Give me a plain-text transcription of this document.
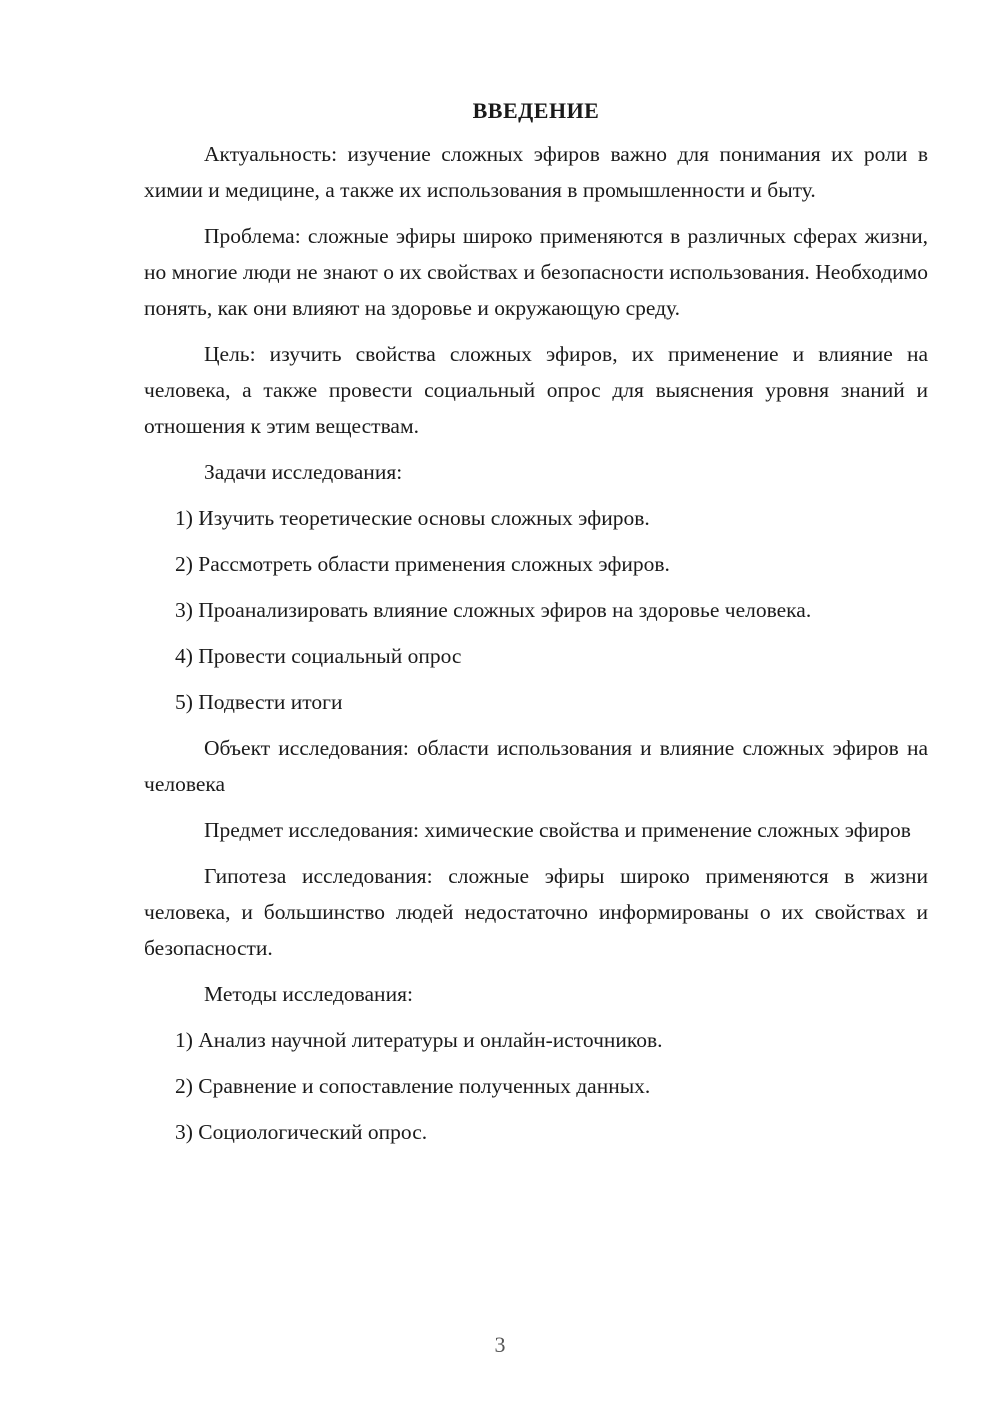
ВВЕДЕНИЕ

Актуальность: изучение сложных эфиров важно для понимания их роли в химии и медицине, а также их использования в промышленности и быту.

Проблема: сложные эфиры широко применяются в различных сферах жизни, но многие люди не знают о их свойствах и безопасности использования. Необходимо понять, как они влияют на здоровье и окружающую среду.

Цель: изучить свойства сложных эфиров, их применение и влияние на человека, а также провести социальный опрос для выяснения уровня знаний и отношения к этим веществам.

Задачи исследования:

1) Изучить теоретические основы сложных эфиров.
2) Рассмотреть области применения сложных эфиров.
3) Проанализировать влияние сложных эфиров на здоровье человека.
4) Провести социальный опрос
5) Подвести итоги

Объект исследования: области использования и влияние сложных эфиров на человека

Предмет исследования: химические свойства и применение сложных эфиров

Гипотеза исследования: сложные эфиры широко применяются в жизни человека, и большинство людей недостаточно информированы о их свойствах и безопасности.

Методы исследования:

1) Анализ научной литературы и онлайн-источников.
2) Сравнение и сопоставление полученных данных.
3) Социологический опрос.
3
